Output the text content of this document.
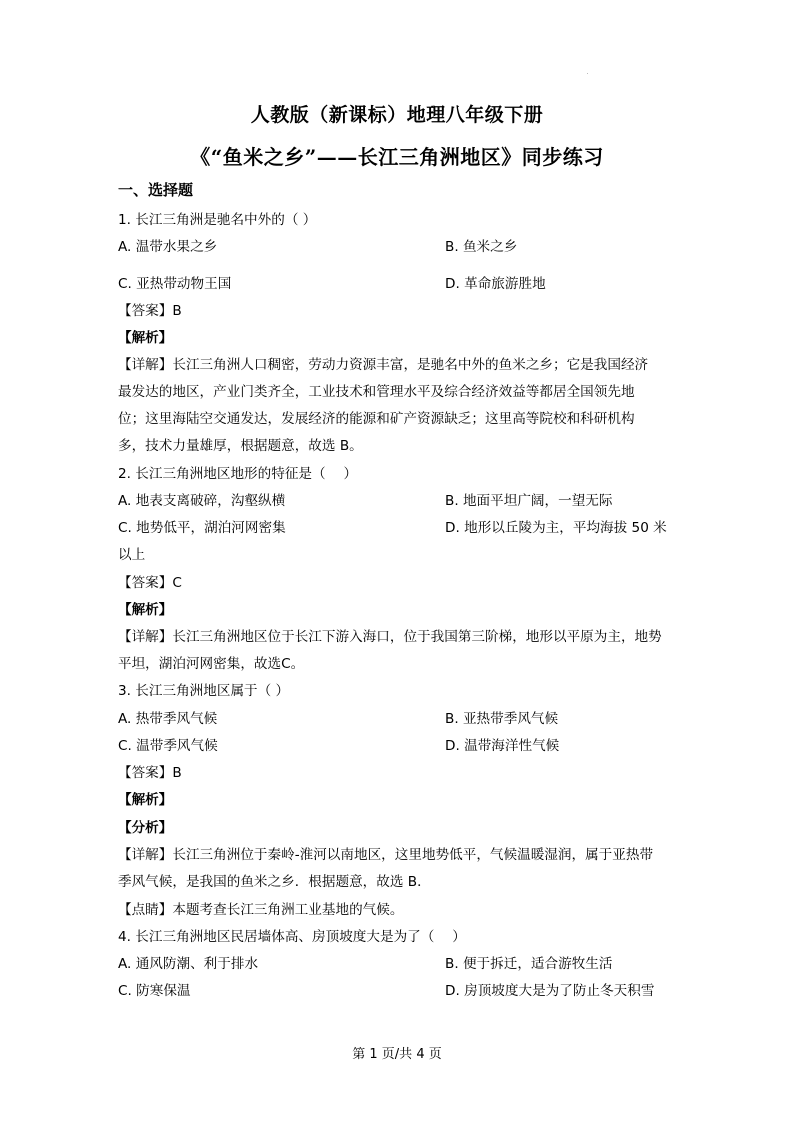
人教版（新课标）地理八年级下册
《“鱼米之乡”——长江三角洲地区》同步练习
一、选择题
1. 长江三角洲是驰名中外的（ ）
A. 温带水果之乡	B. 鱼米之乡
C. 亚热带动物王国	D. 革命旅游胜地
【答案】B
【解析】
【详解】长江三角洲人口稠密，劳动力资源丰富，是驰名中外的鱼米之乡；它是我国经济
最发达的地区，产业门类齐全，工业技术和管理水平及综合经济效益等都居全国领先地
位；这里海陆空交通发达，发展经济的能源和矿产资源缺乏；这里高等院校和科研机构
多，技术力量雄厚，根据题意，故选 B。
2. 长江三角洲地区地形的特征是（　 ）
A. 地表支离破碎，沟壑纵横	B. 地面平坦广阔，一望无际
C. 地势低平，湖泊河网密集	D. 地形以丘陵为主，平均海拔 50 米
以上
【答案】C
【解析】
【详解】长江三角洲地区位于长江下游入海口，位于我国第三阶梯，地形以平原为主，地势
平坦，湖泊河网密集，故选C。
3. 长江三角洲地区属于（ ）
A. 热带季风气候	B. 亚热带季风气候
C. 温带季风气候	D. 温带海洋性气候
【答案】B
【解析】
【分析】
【详解】长江三角洲位于秦岭-淮河以南地区，这里地势低平，气候温暖湿润，属于亚热带
季风气候，是我国的鱼米之乡．根据题意，故选 B．
【点睛】本题考查长江三角洲工业基地的气候。
4. 长江三角洲地区民居墙体高、房顶坡度大是为了（　 ）
A. 通风防潮、利于排水	B. 便于拆迁，适合游牧生活
C. 防寒保温	D. 房顶坡度大是为了防止冬天积雪
第 1 页/共 4 页
